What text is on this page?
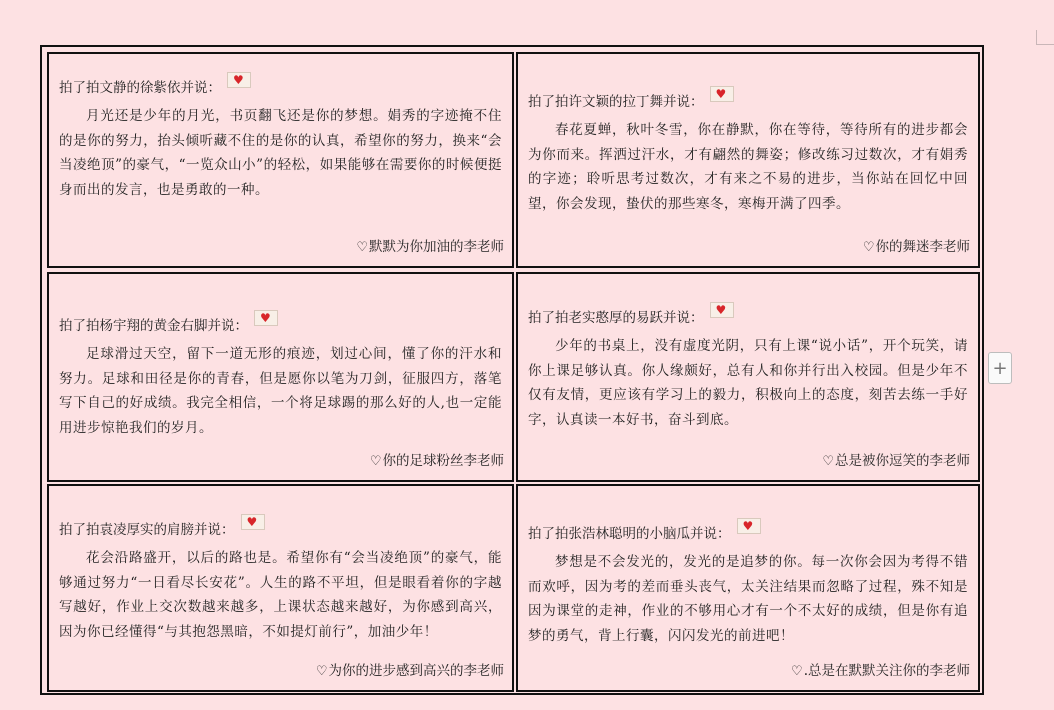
拍了拍文静的徐紫依并说： ♥

月光还是少年的月光，书页翻飞还是你的梦想。娟秀的字迹掩不住的是你的努力，抬头倾听藏不住的是你的认真，希望你的努力，换来“会当凌绝顶”的豪气，“一览众山小”的轻松，如果能够在需要你的时候便挺身而出的发言，也是勇敢的一种。

♡默默为你加油的李老师

拍了拍许文颖的拉丁舞并说： ♥

春花夏蝉，秋叶冬雪，你在静默，你在等待，等待所有的进步都会为你而来。挥洒过汗水，才有翩然的舞姿；修改练习过数次，才有娟秀的字迹；聆听思考过数次，才有来之不易的进步，当你站在回忆中回望，你会发现，蛰伏的那些寒冬，寒梅开满了四季。

♡你的舞迷李老师

拍了拍杨宇翔的黄金右脚并说： ♥

足球滑过天空，留下一道无形的痕迹，划过心间，懂了你的汗水和努力。足球和田径是你的青春，但是愿你以笔为刀剑，征服四方，落笔写下自己的好成绩。我完全相信，一个将足球踢的那么好的人,也一定能用进步惊艳我们的岁月。

♡你的足球粉丝李老师

拍了拍老实憨厚的易跃并说： ♥

少年的书桌上，没有虚度光阴，只有上课“说小话”，开个玩笑，请你上课足够认真。你人缘颇好，总有人和你并行出入校园。但是少年不仅有友情，更应该有学习上的毅力，积极向上的态度，刻苦去练一手好字，认真读一本好书，奋斗到底。

♡总是被你逗笑的李老师

拍了拍袁凌厚实的肩膀并说： ♥

花会沿路盛开，以后的路也是。希望你有“会当凌绝顶”的豪气，能够通过努力“一日看尽长安花”。人生的路不平坦，但是眼看着你的字越写越好，作业上交次数越来越多，上课状态越来越好，为你感到高兴，因为你已经懂得“与其抱怨黑暗，不如提灯前行”，加油少年！

♡为你的进步感到高兴的李老师

拍了拍张浩林聪明的小脑瓜并说： ♥

梦想是不会发光的，发光的是追梦的你。每一次你会因为考得不错而欢呼，因为考的差而垂头丧气，太关注结果而忽略了过程，殊不知是因为课堂的走神，作业的不够用心才有一个不太好的成绩，但是你有追梦的勇气，背上行囊，闪闪发光的前进吧！

♡.总是在默默关注你的李老师
+
